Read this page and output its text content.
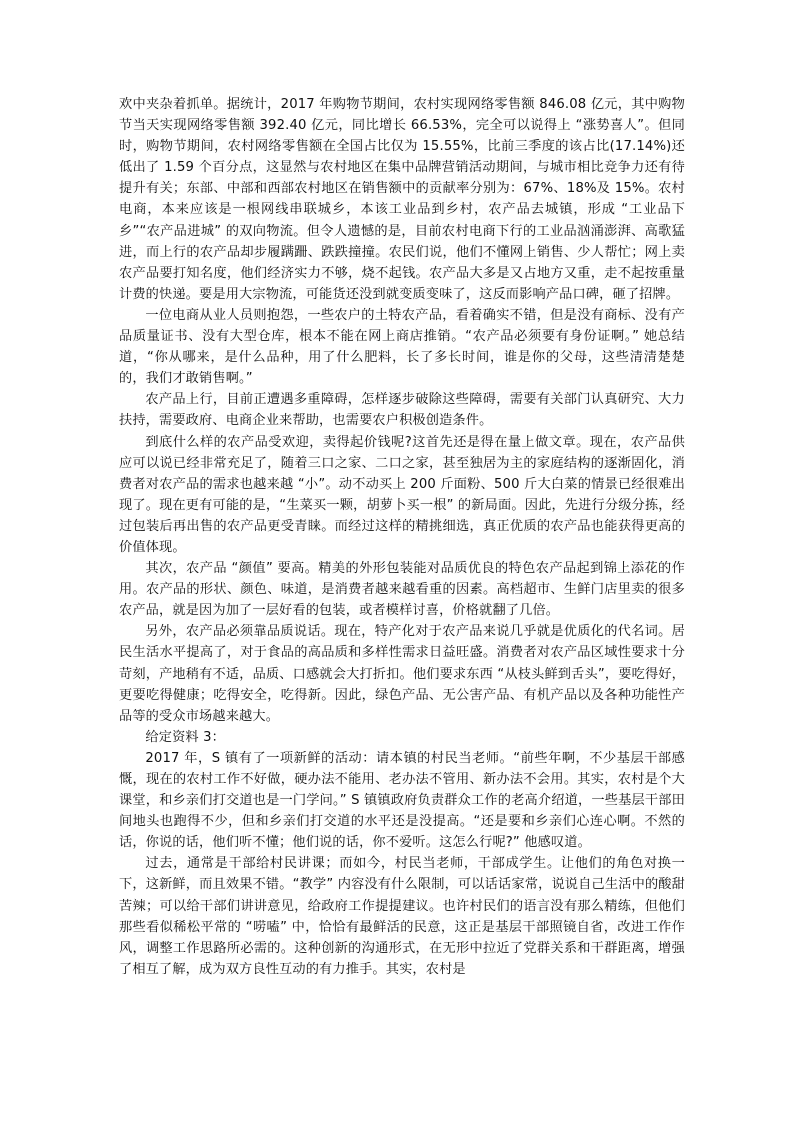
欢中夹杂着抓单。据统计，2017 年购物节期间，农村实现网络零售额 846.08 亿元，其中购物节当天实现网络零售额 392.40 亿元，同比增长 66.53%，完全可以说得上 “涨势喜人”。但同时，购物节期间，农村网络零售额在全国占比仅为 15.55%，比前三季度的该占比(17.14%)还低出了 1.59 个百分点，这显然与农村地区在集中品牌营销活动期间，与城市相比竞争力还有待提升有关；东部、中部和西部农村地区在销售额中的贡献率分别为：67%、18%及 15%。农村电商，本来应该是一根网线串联城乡，本该工业品到乡村，农产品去城镇，形成 “工业品下乡”“农产品进城” 的双向物流。但令人遗憾的是，目前农村电商下行的工业品汹涌澎湃、高歌猛进，而上行的农产品却步履蹒跚、跌跌撞撞。农民们说，他们不懂网上销售、少人帮忙；网上卖农产品要打知名度，他们经济实力不够，烧不起钱。农产品大多是又占地方又重，走不起按重量计费的快递。要是用大宗物流，可能货还没到就变质变味了，这反而影响产品口碑，砸了招牌。

一位电商从业人员则抱怨，一些农户的土特农产品，看着确实不错，但是没有商标、没有产品质量证书、没有大型仓库，根本不能在网上商店推销。“农产品必须要有身份证啊。” 她总结道，“你从哪来，是什么品种，用了什么肥料，长了多长时间，谁是你的父母，这些清清楚楚的，我们才敢销售啊。”

农产品上行，目前正遭遇多重障碍，怎样逐步破除这些障碍，需要有关部门认真研究、大力扶持，需要政府、电商企业来帮助，也需要农户积极创造条件。

到底什么样的农产品受欢迎，卖得起价钱呢?这首先还是得在量上做文章。现在，农产品供应可以说已经非常充足了，随着三口之家、二口之家，甚至独居为主的家庭结构的逐渐固化，消费者对农产品的需求也越来越 “小”。动不动买上 200 斤面粉、500 斤大白菜的情景已经很难出现了。现在更有可能的是，“生菜买一颗，胡萝卜买一根” 的新局面。因此，先进行分级分拣，经过包装后再出售的农产品更受青睐。而经过这样的精挑细选，真正优质的农产品也能获得更高的价值体现。

其次，农产品 “颜值” 要高。精美的外形包装能对品质优良的特色农产品起到锦上添花的作用。农产品的形状、颜色、味道，是消费者越来越看重的因素。高档超市、生鲜门店里卖的很多农产品，就是因为加了一层好看的包装，或者模样讨喜，价格就翻了几倍。

另外，农产品必须靠品质说话。现在，特产化对于农产品来说几乎就是优质化的代名词。居民生活水平提高了，对于食品的高品质和多样性需求日益旺盛。消费者对农产品区域性要求十分苛刻，产地稍有不适，品质、口感就会大打折扣。他们要求东西 “从枝头鲜到舌头”，要吃得好，更要吃得健康；吃得安全，吃得新。因此，绿色产品、无公害产品、有机产品以及各种功能性产品等的受众市场越来越大。

给定资料 3：

2017 年，S 镇有了一项新鲜的活动：请本镇的村民当老师。“前些年啊，不少基层干部感慨，现在的农村工作不好做，硬办法不能用、老办法不管用、新办法不会用。其实，农村是个大课堂，和乡亲们打交道也是一门学问。” S 镇镇政府负责群众工作的老高介绍道，一些基层干部田间地头也跑得不少，但和乡亲们打交道的水平还是没提高。“还是要和乡亲们心连心啊。不然的话，你说的话，他们听不懂；他们说的话，你不爱听。这怎么行呢?” 他感叹道。

过去，通常是干部给村民讲课；而如今，村民当老师，干部成学生。让他们的角色对换一下，这新鲜，而且效果不错。“教学” 内容没有什么限制，可以话话家常，说说自己生活中的酸甜苦辣；可以给干部们讲讲意见，给政府工作提提建议。也许村民们的语言没有那么精练，但他们那些看似稀松平常的 “唠嗑” 中，恰恰有最鲜活的民意，这正是基层干部照镜自省，改进工作作风，调整工作思路所必需的。这种创新的沟通形式，在无形中拉近了党群关系和干群距离，增强了相互了解，成为双方良性互动的有力推手。其实，农村是
